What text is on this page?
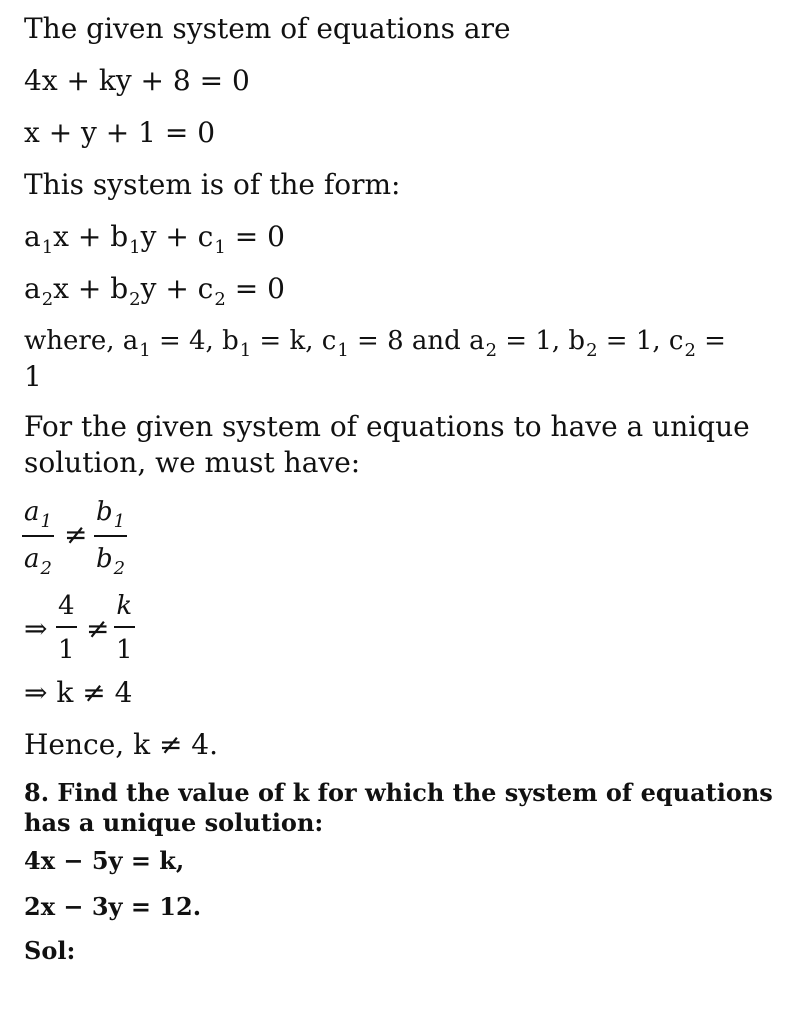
The given system of equations are
4x + ky + 8 = 0
x + y + 1 = 0
This system is of the form:
$a_1x + b_1y + c_1 = 0$
$a_2x + b_2y + c_2 = 0$
where, $a_1 = 4$, $b_1 = k$, $c_1 = 8$ and $a_2 = 1$, $b_2 = 1$, $c_2$ =
1
For the given system of equations to have a unique
solution, we must have:
$a_1$
$a_2$
≠
$b_1$
$b_2$
⇒
4
1
≠
k
1
⇒ k ≠ 4
Hence, k ≠ 4.
8. Find the value of k for which the system of equations
has a unique solution:
4x − 5y = k,
2x − 3y = 12.
Sol:
